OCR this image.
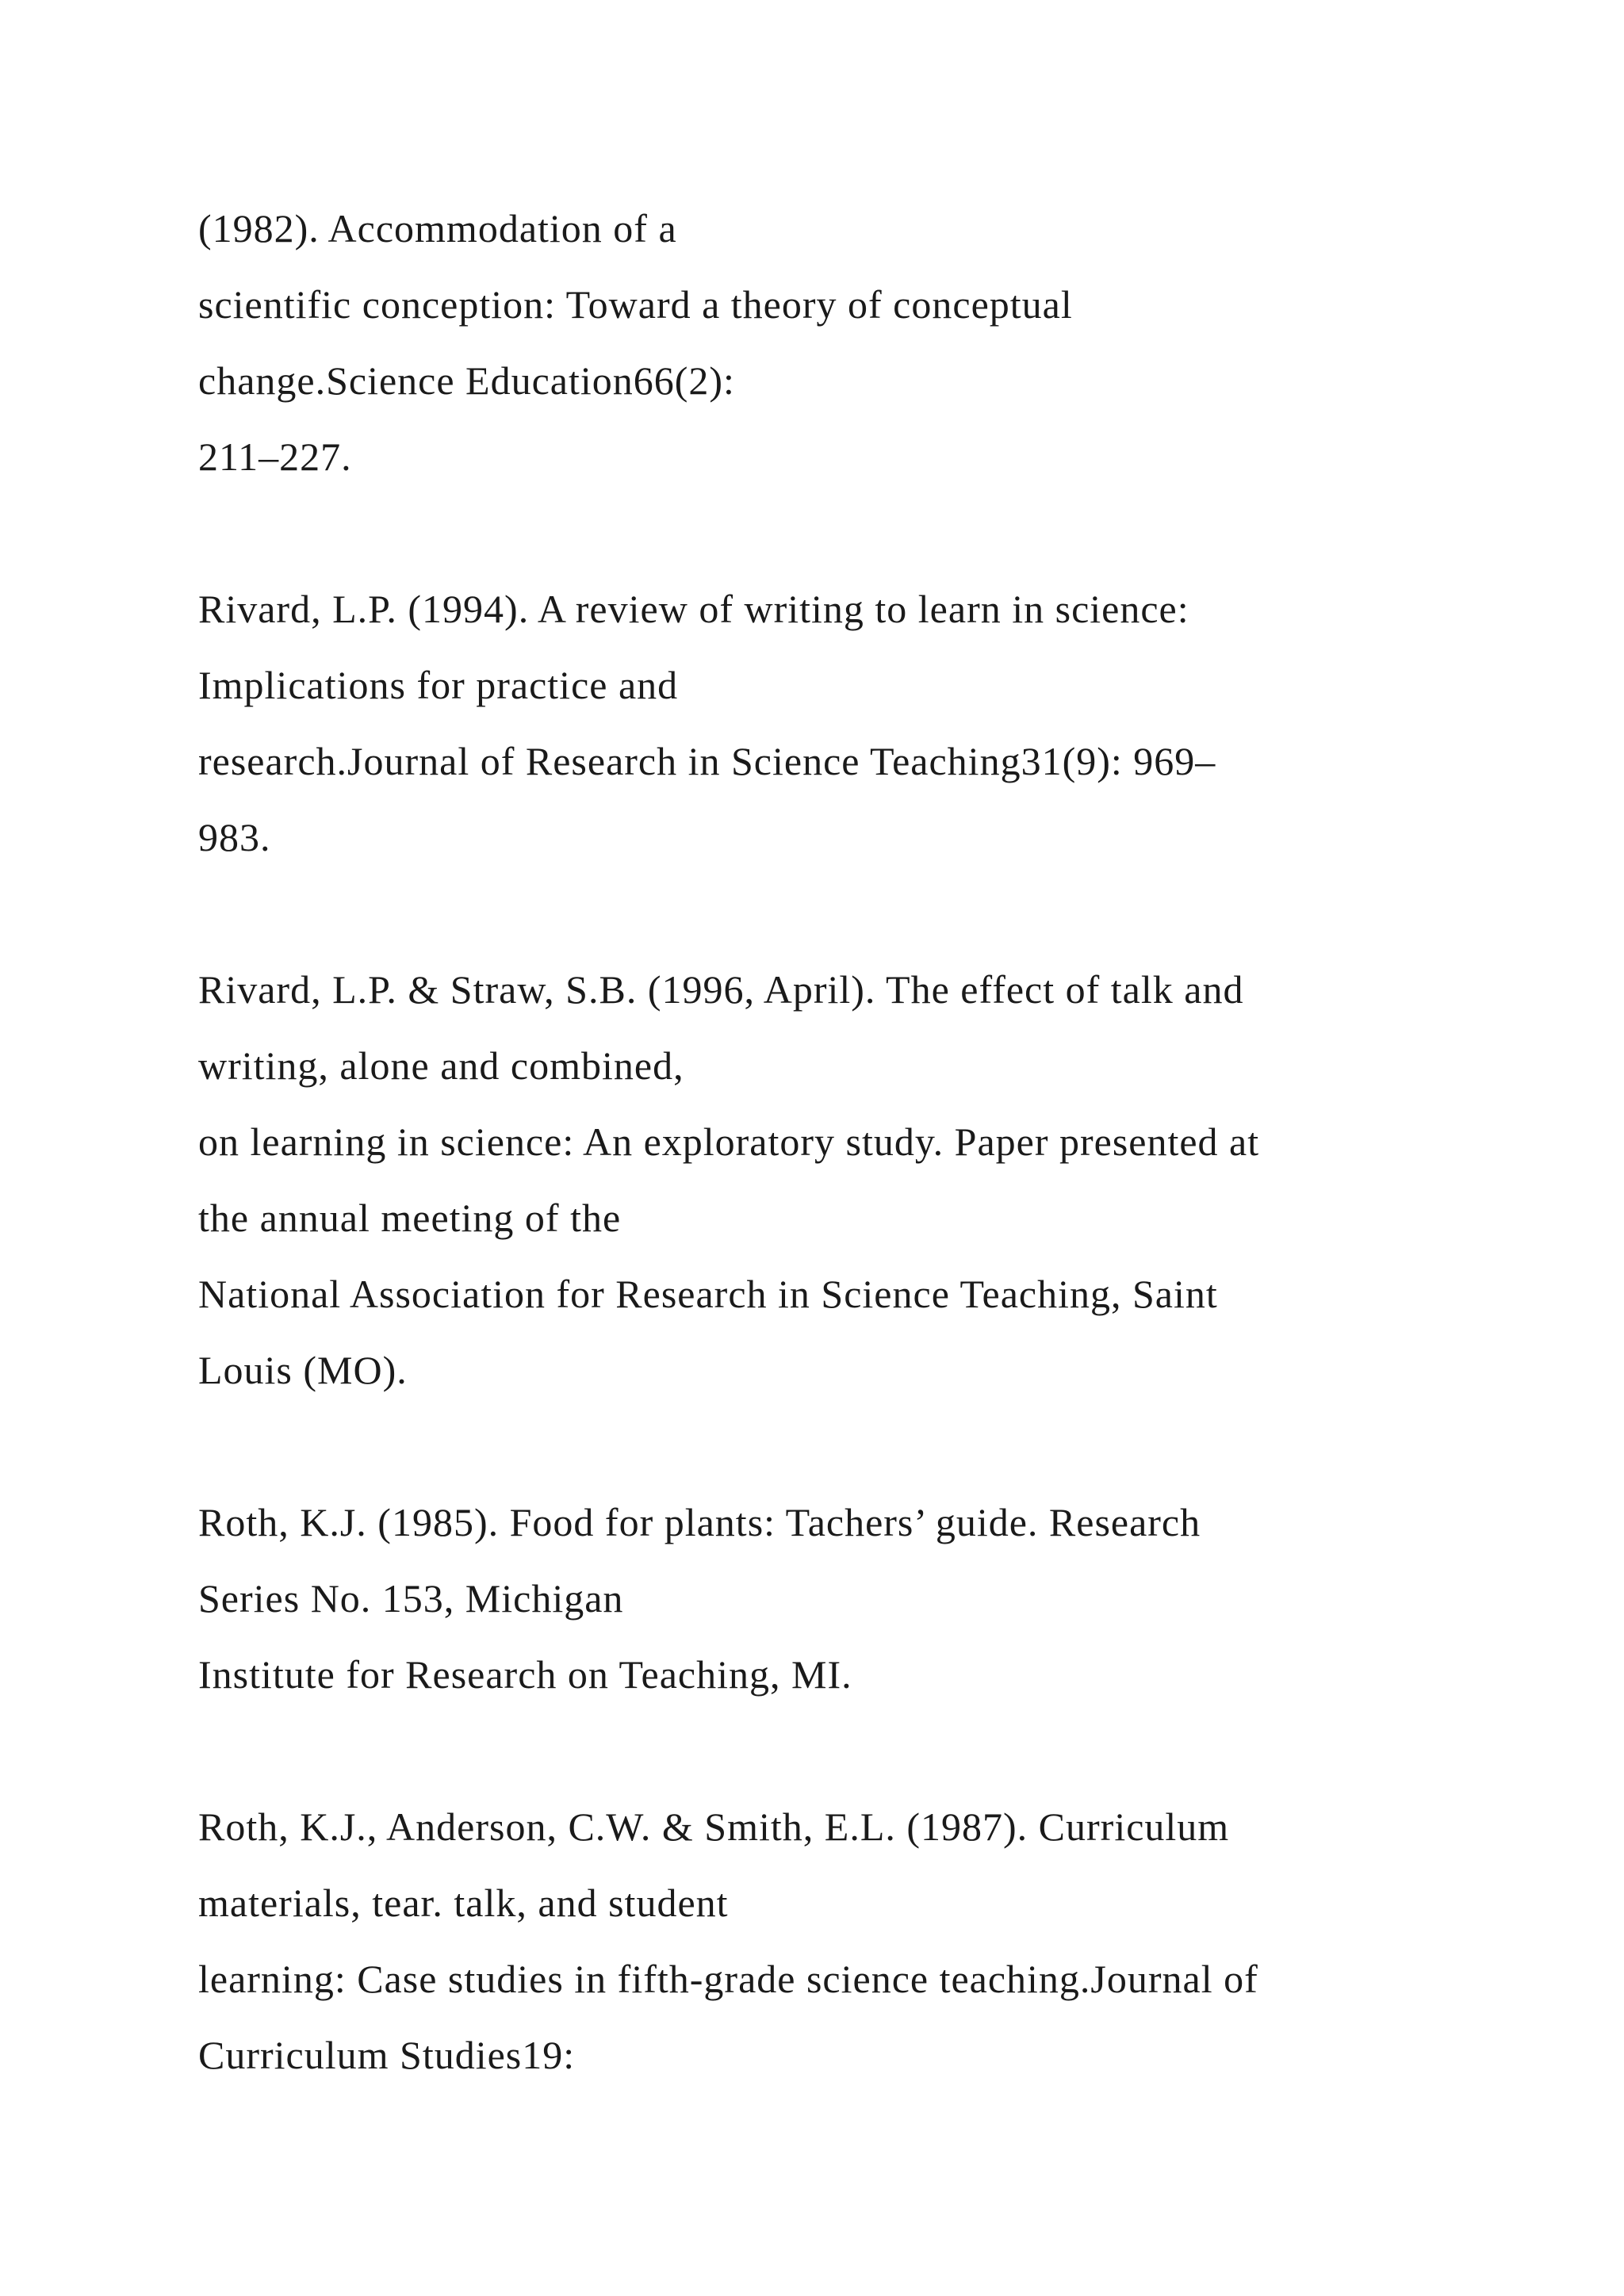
(1982). Accommodation of a
scientific conception: Toward a theory of conceptual
change.Science Education66(2):
211–227.
Rivard, L.P. (1994). A review of writing to learn in science:
Implications for practice and
research.Journal of Research in Science Teaching31(9): 969–
983.
Rivard, L.P. & Straw, S.B. (1996, April). The effect of talk and
writing, alone and combined,
on learning in science: An exploratory study. Paper presented at
the annual meeting of the
National Association for Research in Science Teaching, Saint
Louis (MO).
Roth, K.J. (1985). Food for plants: Tachers’ guide. Research
Series No. 153, Michigan
Institute for Research on Teaching, MI.
Roth, K.J., Anderson, C.W. & Smith, E.L. (1987). Curriculum
materials, tear. talk, and student
learning: Case studies in fifth-grade science teaching.Journal of
Curriculum Studies19:
